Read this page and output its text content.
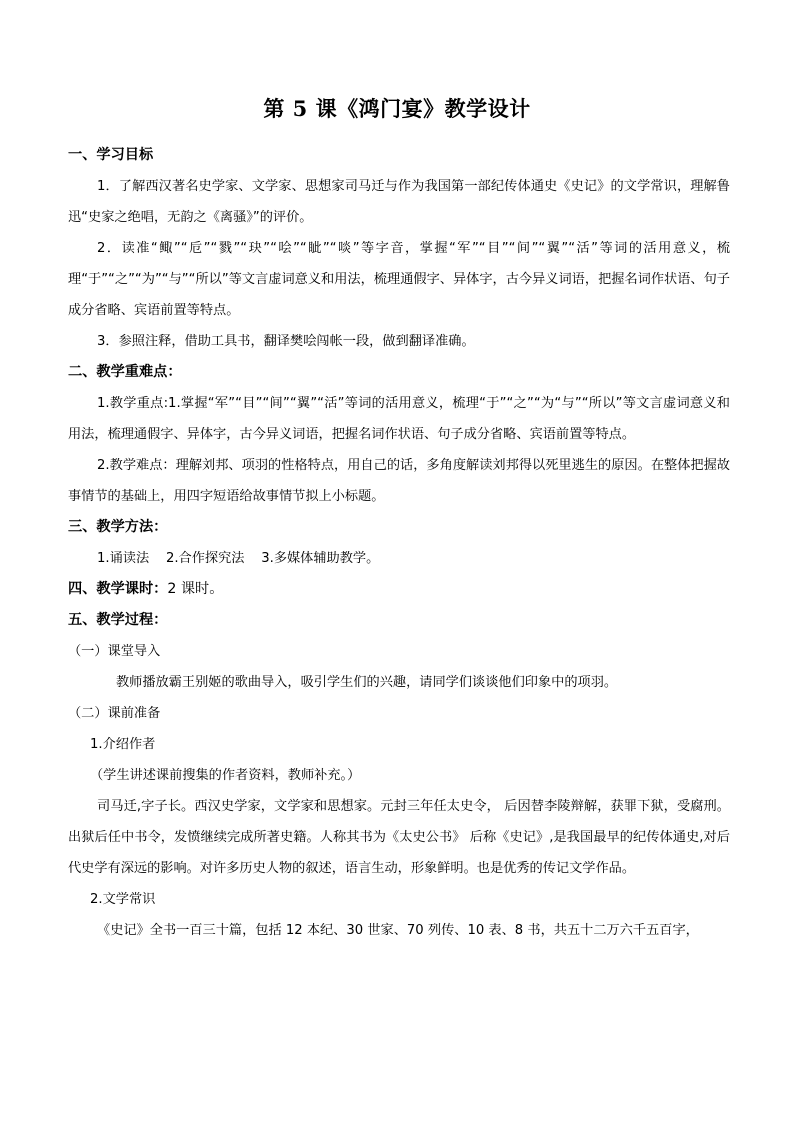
第 5 课《鸿门宴》教学设计

一、学习目标

1．了解西汉著名史学家、文学家、思想家司马迁与作为我国第一部纪传体通史《史记》的文学常识，理解鲁迅“史家之绝唱，无韵之《离骚》”的评价。

2．读准“鲰”“卮”“戮”“玦”“哙”“眦”“啖”等字音，掌握“军”“目”“间”“翼”“活”等词的活用意义，梳理“于”“之”“为”“与”“所以”等文言虚词意义和用法，梳理通假字、异体字，古今异义词语，把握名词作状语、句子成分省略、宾语前置等特点。

3．参照注释，借助工具书，翻译樊哙闯帐一段，做到翻译准确。

二、教学重难点：

1.教学重点:1.掌握“军”“目”“间”“翼”“活”等词的活用意义，梳理“于”“之”“为“与”“所以”等文言虚词意义和用法，梳理通假字、异体字，古今异义词语，把握名词作状语、句子成分省略、宾语前置等特点。

2.教学难点：理解刘邦、项羽的性格特点，用自己的话，多角度解读刘邦得以死里逃生的原因。在整体把握故事情节的基础上，用四字短语给故事情节拟上小标题。

三、教学方法：

1.诵读法    2.合作探究法    3.多媒体辅助教学。

四、教学课时：2 课时。

五、教学过程：

（一）课堂导入

教师播放霸王别姬的歌曲导入，吸引学生们的兴趣，请同学们谈谈他们印象中的项羽。

（二）课前准备

1.介绍作者

（学生讲述课前搜集的作者资料，教师补充。）

司马迁,字子长。西汉史学家，文学家和思想家。元封三年任太史令， 后因替李陵辩解，获罪下狱，受腐刑。出狱后任中书令，发愤继续完成所著史籍。人称其书为《太史公书》 后称《史记》,是我国最早的纪传体通史,对后代史学有深远的影响。对许多历史人物的叙述，语言生动，形象鲜明。也是优秀的传记文学作品。

2.文学常识

《史记》全书一百三十篇，包括 12 本纪、30 世家、70 列传、10 表、8 书，共五十二万六千五百字，
